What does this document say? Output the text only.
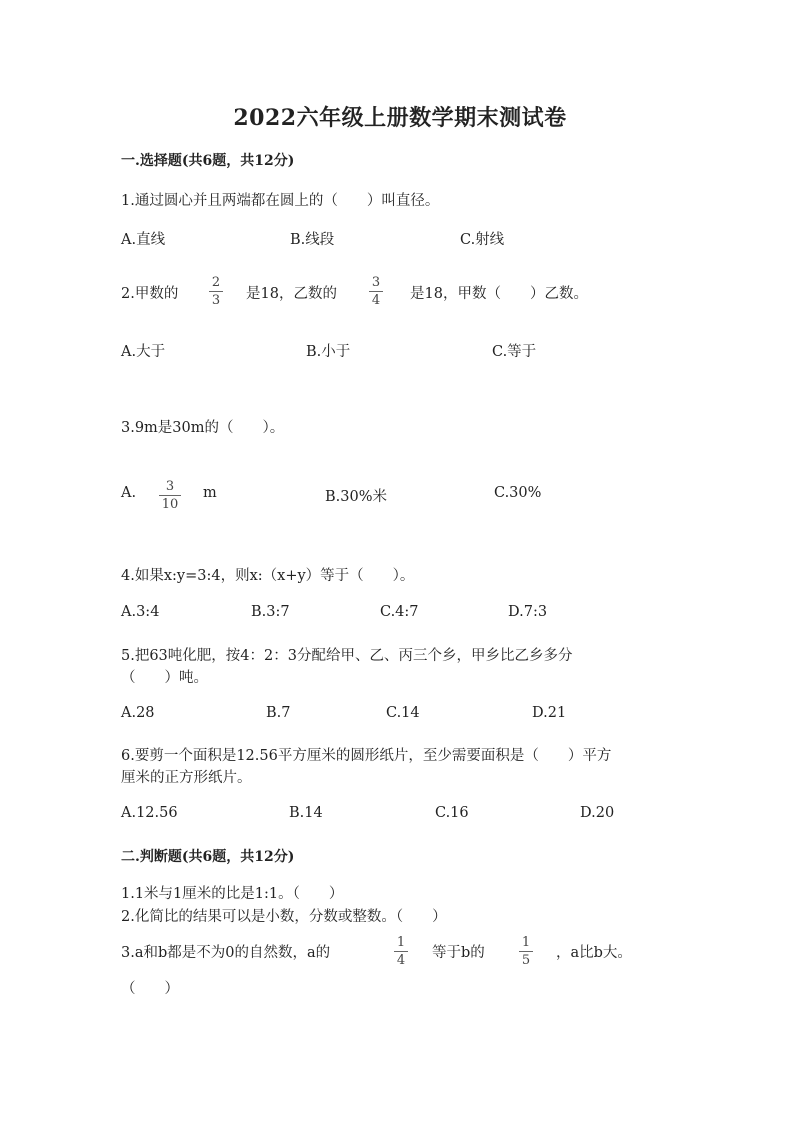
2022六年级上册数学期末测试卷
一.选择题(共6题，共12分)
1.通过圆心并且两端都在圆上的（　　）叫直径。
A.直线	B.线段	C.射线
2.甲数的
2
3 是18，乙数的
3
4 是18，甲数（　　）乙数。
A.大于	B.小于	C.等于
3.9m是30m的（　　）。
A.	3
10
m	B.30%米	C.30%
4.如果x:y=3:4，则x:（x+y）等于（　　）。
A.3:4	B.3:7	C.4:7	D.7:3
5.把63吨化肥，按4：2：3分配给甲、乙、丙三个乡，甲乡比乙乡多分
（　　）吨。
A.28	B.7	C.14	D.21
6.要剪一个面积是12.56平方厘米的圆形纸片，至少需要面积是（　　）平方
厘米的正方形纸片。
A.12.56	B.14	C.16	D.20
二.判断题(共6题，共12分)
1.1米与1厘米的比是1:1。（　　）
2.化简比的结果可以是小数，分数或整数。（　　）
3.a和b都是不为0的自然数，a的
1
4 等于b的
1
5 ，a比b大。
（　　）
